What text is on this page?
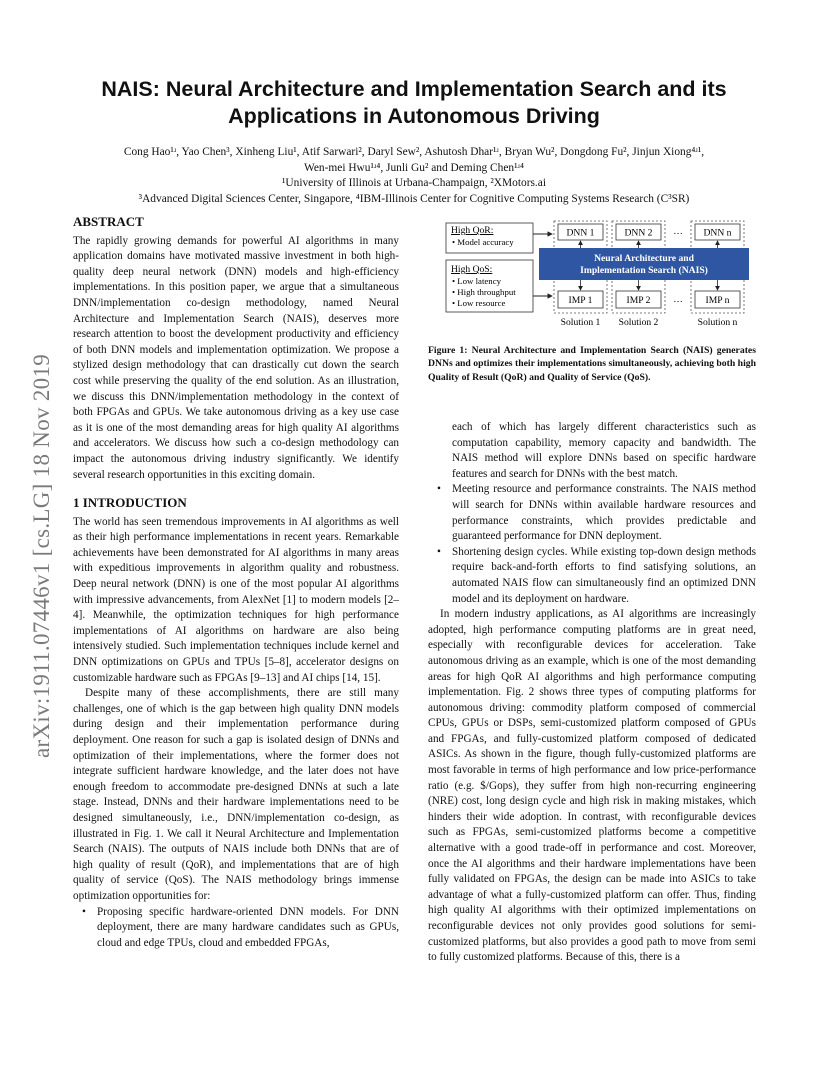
arXiv:1911.07446v1 [cs.LG] 18 Nov 2019
NAIS: Neural Architecture and Implementation Search and its
Applications in Autonomous Driving
Cong Hao¹ʴ, Yao Chen³, Xinheng Liu¹, Atif Sarwari², Daryl Sew², Ashutosh Dhar¹ʴ, Bryan Wu², Dongdong Fu², Jinjun Xiong⁴ʴ¹,
Wen-mei Hwu¹ʴ⁴, Junli Gu² and Deming Chen¹ʴ⁴
¹University of Illinois at Urbana-Champaign, ²XMotors.ai
³Advanced Digital Sciences Center, Singapore, ⁴IBM-Illinois Center for Cognitive Computing Systems Research (C³SR)
ABSTRACT

The rapidly growing demands for powerful AI algorithms in many application domains have motivated massive investment in both high-quality deep neural network (DNN) models and high-efficiency implementations. In this position paper, we argue that a simultaneous DNN/implementation co-design methodology, named Neural Architecture and Implementation Search (NAIS), deserves more research attention to boost the development productivity and efficiency of both DNN models and implementation optimization. We propose a stylized design methodology that can drastically cut down the search cost while preserving the quality of the end solution. As an illustration, we discuss this DNN/implementation methodology in the context of both FPGAs and GPUs. We take autonomous driving as a key use case as it is one of the most demanding areas for high quality AI algorithms and accelerators. We discuss how such a co-design methodology can impact the autonomous driving industry significantly. We identify several research opportunities in this exciting domain.

1 INTRODUCTION

The world has seen tremendous improvements in AI algorithms as well as their high performance implementations in recent years. Remarkable achievements have been demonstrated for AI algorithms in many areas with expeditious improvements in algorithm quality and robustness. Deep neural network (DNN) is one of the most popular AI algorithms with impressive advancements, from AlexNet [1] to modern models [2–4]. Meanwhile, the optimization techniques for high performance implementations of AI algorithms on hardware are also being intensively studied. Such implementation techniques include kernel and DNN optimizations on GPUs and TPUs [5–8], accelerator designs on customizable hardware such as FPGAs [9–13] and AI chips [14, 15].

Despite many of these accomplishments, there are still many challenges, one of which is the gap between high quality DNN models during design and their implementation performance during deployment. One reason for such a gap is isolated design of DNNs and optimization of their implementations, where the former does not integrate sufficient hardware knowledge, and the later does not have enough freedom to accommodate pre-designed DNNs at such a late stage. Instead, DNNs and their hardware implementations need to be designed simultaneously, i.e., DNN/implementation co-design, as illustrated in Fig. 1. We call it Neural Architecture and Implementation Search (NAIS). The outputs of NAIS include both DNNs that are of high quality of result (QoR), and implementations that are of high quality of service (QoS). The NAIS methodology brings immense optimization opportunities for:

• Proposing specific hardware-oriented DNN models. For DNN deployment, there are many hardware candidates such as GPUs, cloud and edge TPUs, cloud and embedded FPGAs,
High QoR:
• Model accuracy
High QoS:
• Low latency
• High throughput
• Low resource
DNN 1	DNN 2	DNN n
…
Neural Architecture and
Implementation Search (NAIS)
IMP 1	IMP 2	IMP n
…
Solution 1 Solution 2	Solution n
Figure 1: Neural Architecture and Implementation Search (NAIS) generates DNNs and optimizes their implementations simultaneously, achieving both high Quality of Result (QoR) and Quality of Service (QoS).
each of which has largely different characteristics such as computation capability, memory capacity and bandwidth. The NAIS method will explore DNNs based on specific hardware features and search for DNNs with the best match.
• Meeting resource and performance constraints. The NAIS method will search for DNNs within available hardware resources and performance constraints, which provides predictable and guaranteed performance for DNN deployment.
• Shortening design cycles. While existing top-down design methods require back-and-forth efforts to find satisfying solutions, an automated NAIS flow can simultaneously find an optimized DNN model and its deployment on hardware.

In modern industry applications, as AI algorithms are increasingly adopted, high performance computing platforms are in great need, especially with reconfigurable devices for acceleration. Take autonomous driving as an example, which is one of the most demanding areas for high QoR AI algorithms and high performance computing implementation. Fig. 2 shows three types of computing platforms for autonomous driving: commodity platform composed of commercial CPUs, GPUs or DSPs, semi-customized platform composed of GPUs and FPGAs, and fully-customized platform composed of dedicated ASICs. As shown in the figure, though fully-customized platforms are most favorable in terms of high performance and low price-performance ratio (e.g. $/Gops), they suffer from high non-recurring engineering (NRE) cost, long design cycle and high risk in making mistakes, which hinders their wide adoption. In contrast, with reconfigurable devices such as FPGAs, semi-customized platforms become a competitive alternative with a good trade-off in performance and cost. Moreover, once the AI algorithms and their hardware implementations have been fully validated on FPGAs, the design can be made into ASICs to take advantage of what a fully-customized platform can offer. Thus, finding high quality AI algorithms with their optimized implementations on reconfigurable devices not only provides good solutions for semi-customized platforms, but also provides a good path to move from semi to fully customized platforms. Because of this, there is a
